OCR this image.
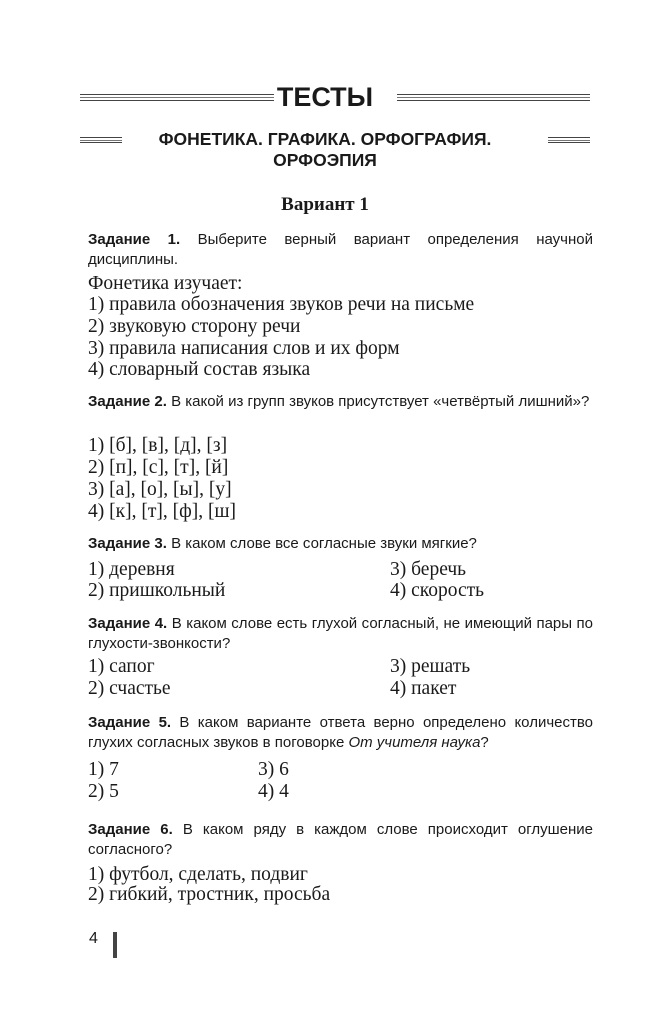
ТЕСТЫ
ФОНЕТИКА. ГРАФИКА. ОРФОГРАФИЯ.
ОРФОЭПИЯ
Вариант 1
Задание 1. Выберите верный вариант определения научной дисциплины.
Фонетика изучает:
1) правила обозначения звуков речи на письме
2) звуковую сторону речи
3) правила написания слов и их форм
4) словарный состав языка
Задание 2. В какой из групп звуков присутствует «четвёртый лишний»?
1) [б], [в], [д], [з]
2) [п], [с], [т], [й]
3) [а], [о], [ы], [у]
4) [к], [т], [ф], [ш]
Задание 3. В каком слове все согласные звуки мягкие?
1) деревня
2) пришкольный
3) беречь
4) скорость
Задание 4. В каком слове есть глухой согласный, не имеющий пары по глухости-звонкости?
1) сапог
2) счастье
3) решать
4) пакет
Задание 5. В каком варианте ответа верно определено количество глухих согласных звуков в поговорке От учителя наука?
1) 7
2) 5
3) 6
4) 4
Задание 6. В каком ряду в каждом слове происходит оглушение согласного?
1) футбол, сделать, подвиг
2) гибкий, тростник, просьба
4
